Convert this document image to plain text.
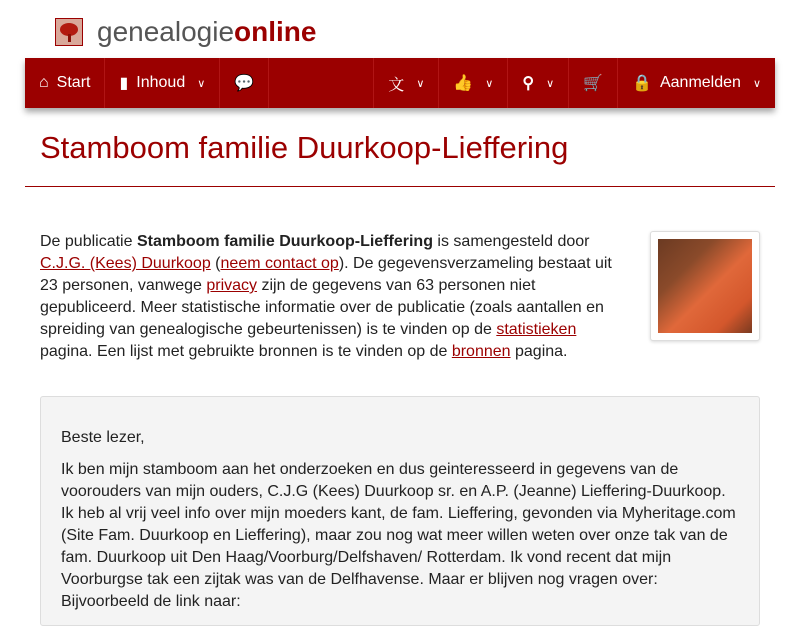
genealogieonline
⌂ Start ▮ Inhoud ∨ 💬	文 ∨ 👍 ∨ ⚲ ∨ 🛒 🔒 Aanmelden ∨
Stamboom familie Duurkoop-Lieffering
De publicatie Stamboom familie Duurkoop-Lieffering is samengesteld door C.J.G. (Kees) Duurkoop (neem contact op). De gegevensverzameling bestaat uit 23 personen, vanwege privacy zijn de gegevens van 63 personen niet gepubliceerd. Meer statistische informatie over de publicatie (zoals aantallen en spreiding van genealogische gebeurtenissen) is te vinden op de statistieken pagina. Een lijst met gebruikte bronnen is te vinden op de bronnen pagina.

Beste lezer,

Ik ben mijn stamboom aan het onderzoeken en dus geinteresseerd in gegevens van de voorouders van mijn ouders, C.J.G (Kees) Duurkoop sr. en A.P. (Jeanne) Lieffering-Duurkoop. Ik heb al vrij veel info over mijn moeders kant, de fam. Lieffering, gevonden via Myheritage.com (Site Fam. Duurkoop en Lieffering), maar zou nog wat meer willen weten over onze tak van de fam. Duurkoop uit Den Haag/Voorburg/Delfshaven/ Rotterdam. Ik vond recent dat mijn Voorburgse tak een zijtak was van de Delfhavense. Maar er blijven nog vragen over: Bijvoorbeeld de link naar:
